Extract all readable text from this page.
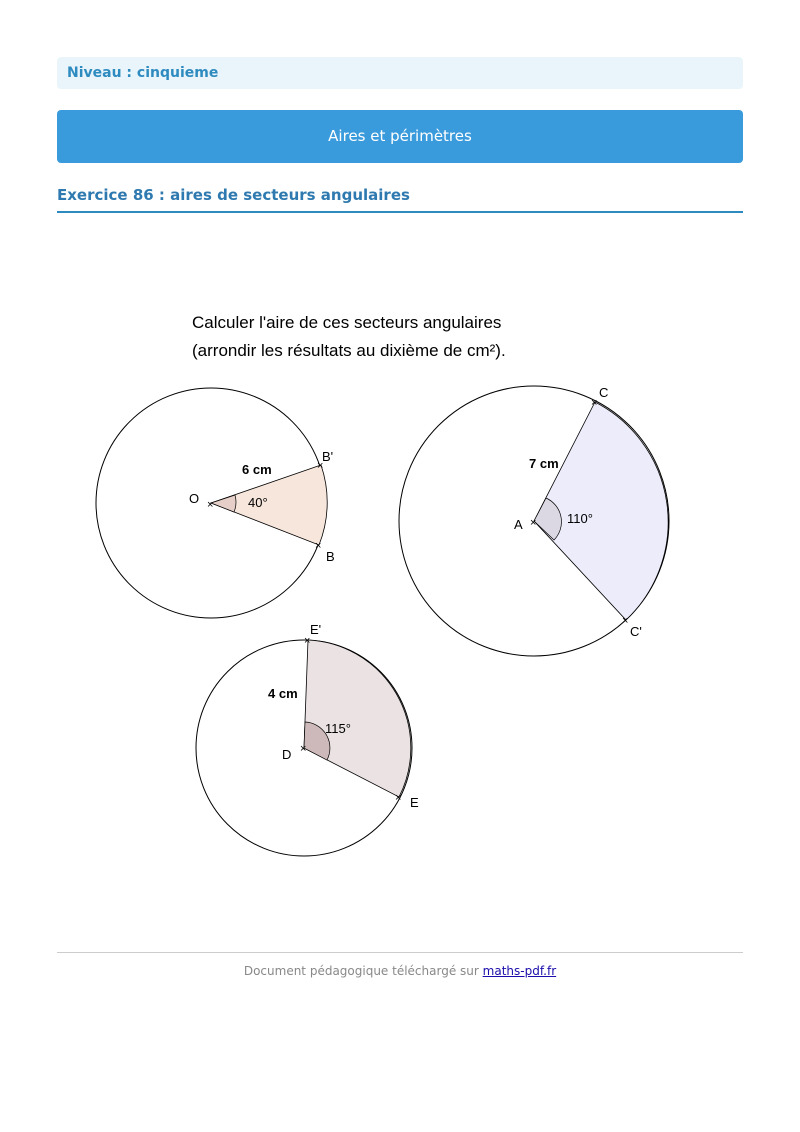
Niveau : cinquieme
Aires et périmètres
Exercice 86 : aires de secteurs angulaires
Calculer l'aire de ces secteurs angulaires
(arrondir les résultats au dixième de cm²).
O
B'
B
6 cm
40°
×
×
×
A
C
C'
7 cm
110°
×
×
×
D
E'
E
4 cm
115°
×
×
×
Document pédagogique téléchargé sur maths-pdf.fr
